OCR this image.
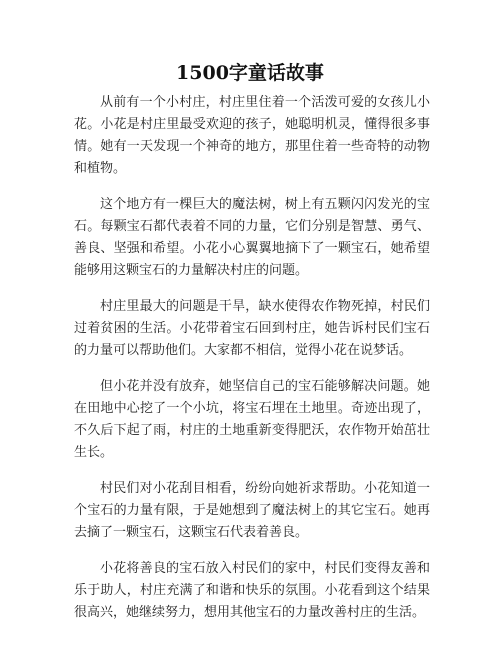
1500字童话故事

从前有一个小村庄，村庄里住着一个活泼可爱的女孩儿小花。小花是村庄里最受欢迎的孩子，她聪明机灵，懂得很多事情。她有一天发现一个神奇的地方，那里住着一些奇特的动物和植物。

这个地方有一棵巨大的魔法树，树上有五颗闪闪发光的宝石。每颗宝石都代表着不同的力量，它们分别是智慧、勇气、善良、坚强和希望。小花小心翼翼地摘下了一颗宝石，她希望能够用这颗宝石的力量解决村庄的问题。

村庄里最大的问题是干旱，缺水使得农作物死掉，村民们过着贫困的生活。小花带着宝石回到村庄，她告诉村民们宝石的力量可以帮助他们。大家都不相信，觉得小花在说梦话。

但小花并没有放弃，她坚信自己的宝石能够解决问题。她在田地中心挖了一个小坑，将宝石埋在土地里。奇迹出现了，不久后下起了雨，村庄的土地重新变得肥沃，农作物开始茁壮生长。

村民们对小花刮目相看，纷纷向她祈求帮助。小花知道一个宝石的力量有限，于是她想到了魔法树上的其它宝石。她再去摘了一颗宝石，这颗宝石代表着善良。

小花将善良的宝石放入村民们的家中，村民们变得友善和乐于助人，村庄充满了和谐和快乐的氛围。小花看到这个结果很高兴，她继续努力，想用其他宝石的力量改善村庄的生活。
